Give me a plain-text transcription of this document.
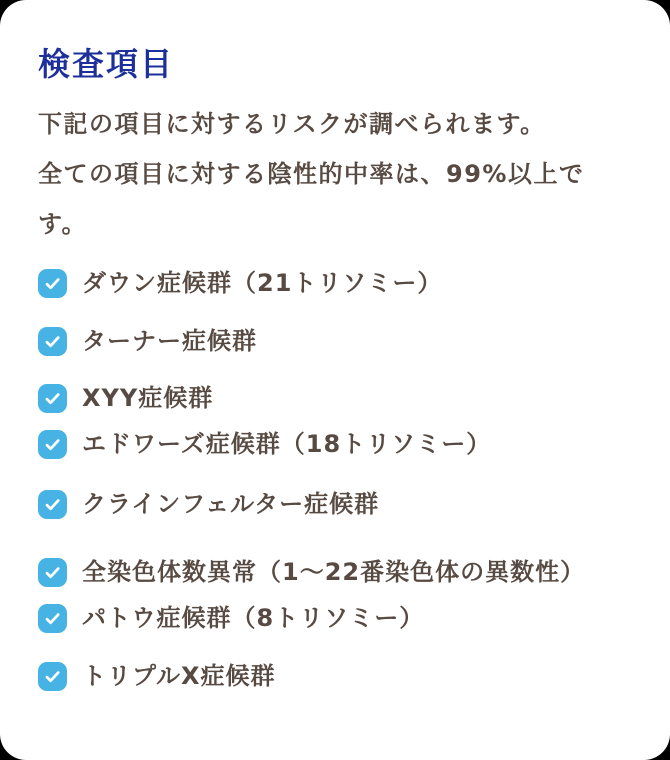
検査項目

下記の項目に対するリスクが調べられます。

全ての項目に対する陰性的中率は、99%以上です。

ダウン症候群（21トリソミー）
ターナー症候群
XYY症候群
エドワーズ症候群（18トリソミー）
クラインフェルター症候群
全染色体数異常（1〜22番染色体の異数性）
パトウ症候群（8トリソミー）
トリプルX症候群
